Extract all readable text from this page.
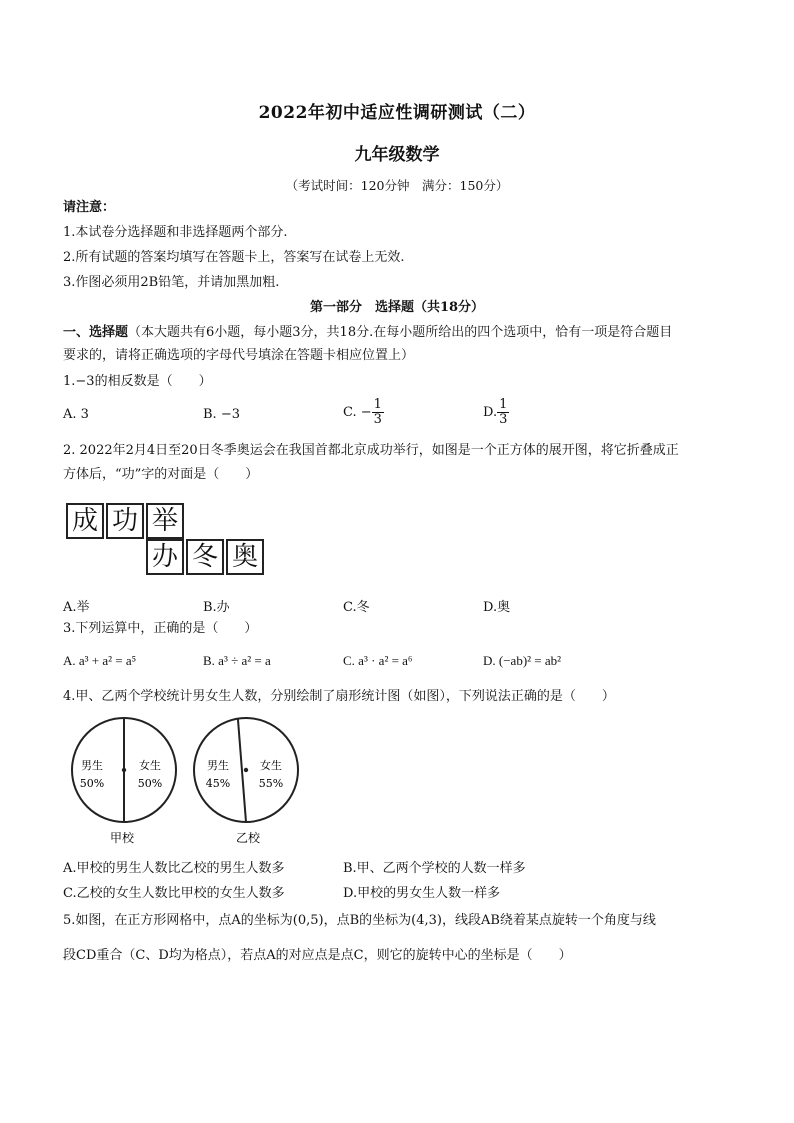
2022年初中适应性调研测试（二）
九年级数学
（考试时间：120分钟　满分：150分）
请注意：
1.本试卷分选择题和非选择题两个部分.
2.所有试题的答案均填写在答题卡上，答案写在试卷上无效.
3.作图必须用2B铅笔，并请加黑加粗.
第一部分　选择题（共18分）
一、选择题（本大题共有6小题，每小题3分，共18分.在每小题所给出的四个选项中，恰有一项是符合题目
要求的，请将正确选项的字母代号填涂在答题卡相应位置上）
1.−3的相反数是（　　）
A. 3	B. −3	C. − $\frac{1}{3}$	D. $\frac{1}{3}$
2. 2022年2月4日至20日冬季奥运会在我国首都北京成功举行，如图是一个正方体的展开图，将它折叠成正
方体后，“功”字的对面是（　　）
成 功 举
办 冬 奥
A.举	B.办	C.冬	D.奥
3.下列运算中，正确的是（　　）
A. a³ + a² = a⁵	B. a³ ÷ a² = a	C. a³ · a² = a⁶	D. (−ab)² = ab²
4.甲、乙两个学校统计男女生人数，分别绘制了扇形统计图（如图），下列说法正确的是（　　）
男生
50%
女生
50%
甲校
男生
45%
女生
55%
乙校
A.甲校的男生人数比乙校的男生人数多	B.甲、乙两个学校的人数一样多
C.乙校的女生人数比甲校的女生人数多	D.甲校的男女生人数一样多
5.如图，在正方形网格中，点A的坐标为(0,5)，点B的坐标为(4,3)，线段AB绕着某点旋转一个角度与线
段CD重合（C、D均为格点），若点A的对应点是点C，则它的旋转中心的坐标是（　　）
